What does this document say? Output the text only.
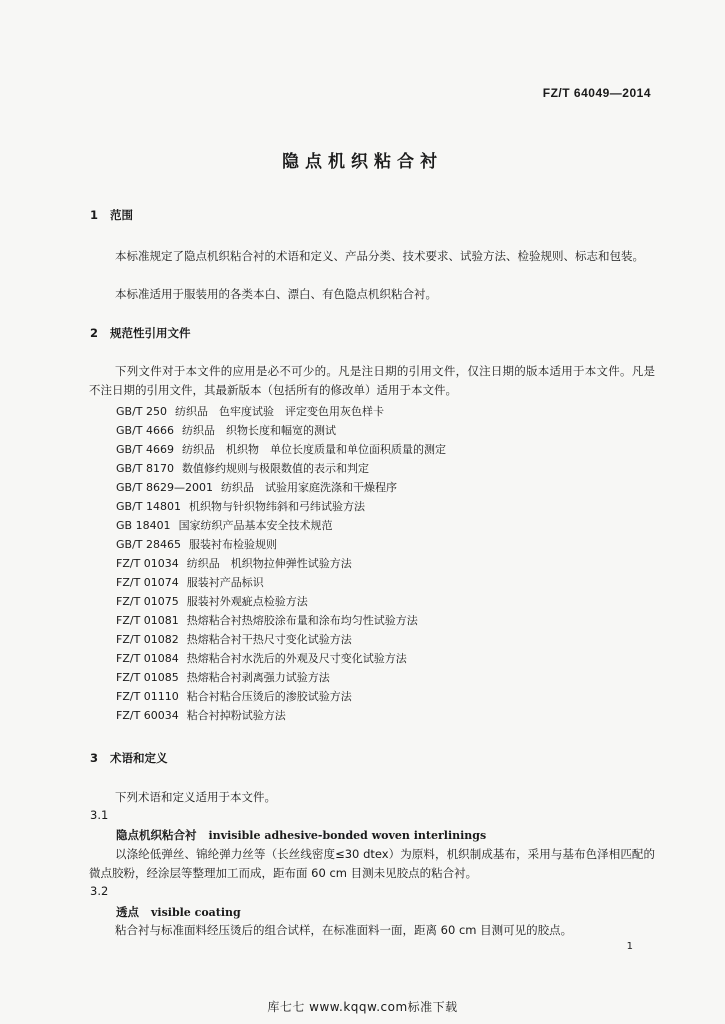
FZ/T 64049—2014
隐点机织粘合衬
1 范围
本标准规定了隐点机织粘合衬的术语和定义、产品分类、技术要求、试验方法、检验规则、标志和包装。
本标准适用于服装用的各类本白、漂白、有色隐点机织粘合衬。
2 规范性引用文件
下列文件对于本文件的应用是必不可少的。凡是注日期的引用文件，仅注日期的版本适用于本文件。凡是不注日期的引用文件，其最新版本（包括所有的修改单）适用于本文件。
GB/T 250 纺织品　色牢度试验　评定变色用灰色样卡
GB/T 4666 纺织品　织物长度和幅宽的测试
GB/T 4669 纺织品　机织物　单位长度质量和单位面积质量的测定
GB/T 8170 数值修约规则与极限数值的表示和判定
GB/T 8629—2001 纺织品　试验用家庭洗涤和干燥程序
GB/T 14801 机织物与针织物纬斜和弓纬试验方法
GB 18401 国家纺织产品基本安全技术规范
GB/T 28465 服装衬布检验规则
FZ/T 01034 纺织品　机织物拉伸弹性试验方法
FZ/T 01074 服装衬产品标识
FZ/T 01075 服装衬外观疵点检验方法
FZ/T 01081 热熔粘合衬热熔胶涂布量和涂布均匀性试验方法
FZ/T 01082 热熔粘合衬干热尺寸变化试验方法
FZ/T 01084 热熔粘合衬水洗后的外观及尺寸变化试验方法
FZ/T 01085 热熔粘合衬剥离强力试验方法
FZ/T 01110 粘合衬粘合压烫后的渗胶试验方法
FZ/T 60034 粘合衬掉粉试验方法
3 术语和定义
下列术语和定义适用于本文件。
3.1
隐点机织粘合衬 invisible adhesive-bonded woven interlinings
以涤纶低弹丝、锦纶弹力丝等（长丝线密度≤30 dtex）为原料，机织制成基布，采用与基布色泽相匹配的微点胶粉，经涂层等整理加工而成，距布面 60 cm 目测未见胶点的粘合衬。
3.2
透点 visible coating
粘合衬与标准面料经压烫后的组合试样，在标准面料一面，距离 60 cm 目测可见的胶点。
1
库七七 www.kqqw.com标准下载
